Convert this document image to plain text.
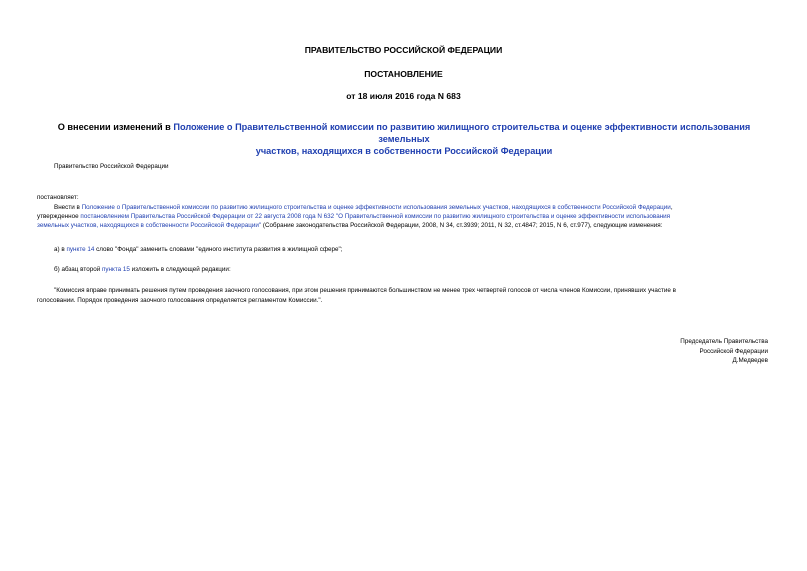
ПРАВИТЕЛЬСТВО РОССИЙСКОЙ ФЕДЕРАЦИИ
ПОСТАНОВЛЕНИЕ
от 18 июля 2016 года N 683
О внесении изменений в Положение о Правительственной комиссии по развитию жилищного строительства и оценке эффективности использования земельных
участков, находящихся в собственности Российской Федерации
Правительство Российской Федерации
постановляет:
Внести в Положение о Правительственной комиссии по развитию жилищного строительства и оценке эффективности использования земельных участков, находящихся в собственности Российской Федерации,
утвержденное постановлением Правительства Российской Федерации от 22 августа 2008 года N 632 "О Правительственной комиссии по развитию жилищного строительства и оценке эффективности использования
земельных участков, находящихся в собственности Российской Федерации" (Собрание законодательства Российской Федерации, 2008, N 34, ст.3939; 2011, N 32, ст.4847; 2015, N 6, ст.977), следующие изменения:
а) в пункте 14 слово "Фонда" заменить словами "единого института развития в жилищной сфере";
б) абзац второй пункта 15 изложить в следующей редакции:
"Комиссия вправе принимать решения путем проведения заочного голосования, при этом решения принимаются большинством не менее трех четвертей голосов от числа членов Комиссии, принявших участие в
голосовании. Порядок проведения заочного голосования определяется регламентом Комиссии.".
Председатель Правительства
Российской Федерации
Д.Медведев
